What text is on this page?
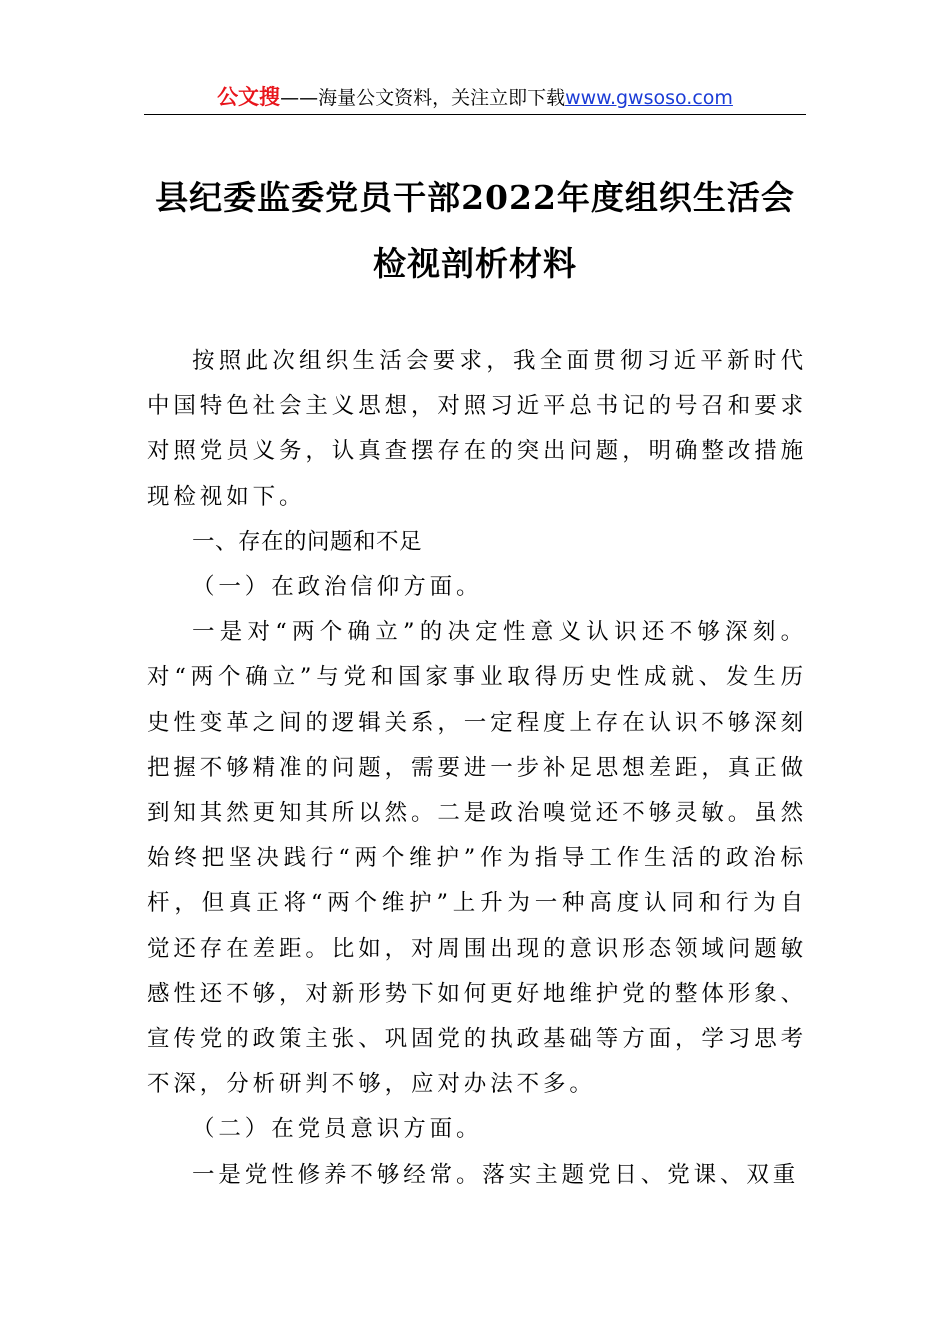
公文搜——海量公文资料，关注立即下载www.gwsoso.com
县纪委监委党员干部2022年度组织生活会
检视剖析材料

按照此次组织生活会要求，我全面贯彻习近平新时代中国特色社会主义思想，对照习近平总书记的号召和要求对照党员义务，认真查摆存在的突出问题，明确整改措施现检视如下。

一、存在的问题和不足

（一）在政治信仰方面。

一是对“两个确立”的决定性意义认识还不够深刻。对“两个确立”与党和国家事业取得历史性成就、发生历史性变革之间的逻辑关系，一定程度上存在认识不够深刻把握不够精准的问题，需要进一步补足思想差距，真正做到知其然更知其所以然。二是政治嗅觉还不够灵敏。虽然始终把坚决践行“两个维护”作为指导工作生活的政治标杆，但真正将“两个维护”上升为一种高度认同和行为自觉还存在差距。比如，对周围出现的意识形态领域问题敏感性还不够，对新形势下如何更好地维护党的整体形象、宣传党的政策主张、巩固党的执政基础等方面，学习思考不深，分析研判不够，应对办法不多。

（二）在党员意识方面。

一是党性修养不够经常。落实主题党日、党课、双重
